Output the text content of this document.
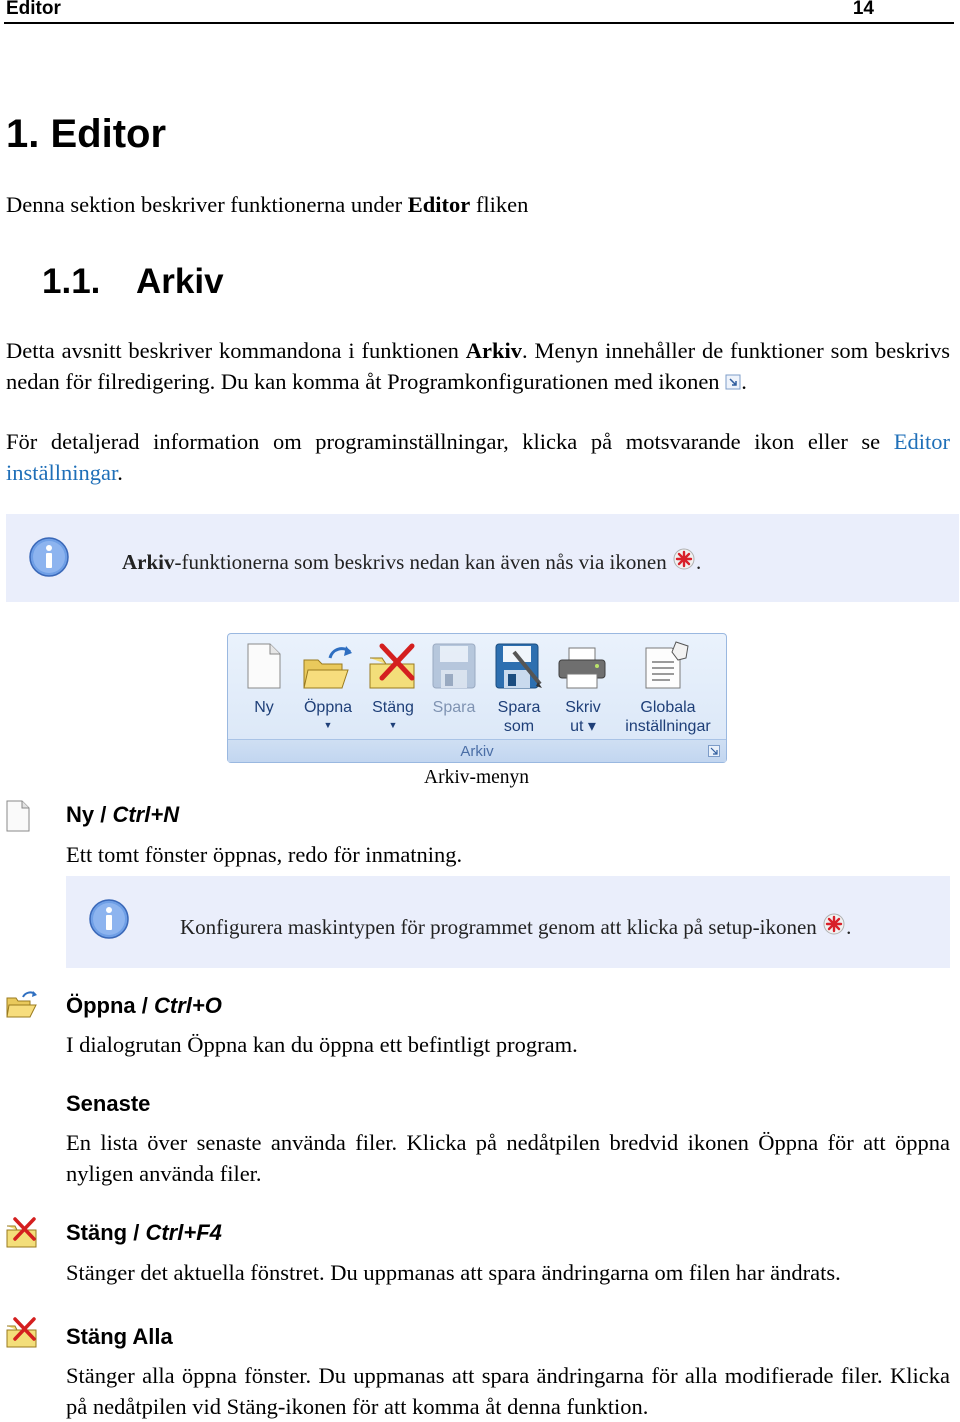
Editor	14
1. Editor
Denna sektion beskriver funktionerna under Editor fliken
1.1. Arkiv
Detta avsnitt beskriver kommandona i funktionen Arkiv. Menyn innehåller de funktioner som beskrivs nedan för filredigering. Du kan komma åt Programkonfigurationen med ikonen .
För detaljerad information om programinställningar, klicka på motsvarande ikon eller se Editor inställningar.
Arkiv-funktionerna som beskrivs nedan kan även nås via ikonen .
Ny	Öppna
▼
Stäng
▼
Spara	Spara
som
Skriv
ut ▾
Globala
inställningar
Arkiv
Arkiv-menyn
Ny / Ctrl+N
Ett tomt fönster öppnas, redo för inmatning.
Konfigurera maskintypen för programmet genom att klicka på setup-ikonen .
Öppna / Ctrl+O
I dialogrutan Öppna kan du öppna ett befintligt program.
Senaste
En lista över senaste använda filer. Klicka på nedåtpilen bredvid ikonen Öppna för att öppna nyligen använda filer.
Stäng / Ctrl+F4
Stänger det aktuella fönstret. Du uppmanas att spara ändringarna om filen har ändrats.
Stäng Alla
Stänger alla öppna fönster. Du uppmanas att spara ändringarna för alla modifierade filer. Klicka på nedåtpilen vid Stäng-ikonen för att komma åt denna funktion.
